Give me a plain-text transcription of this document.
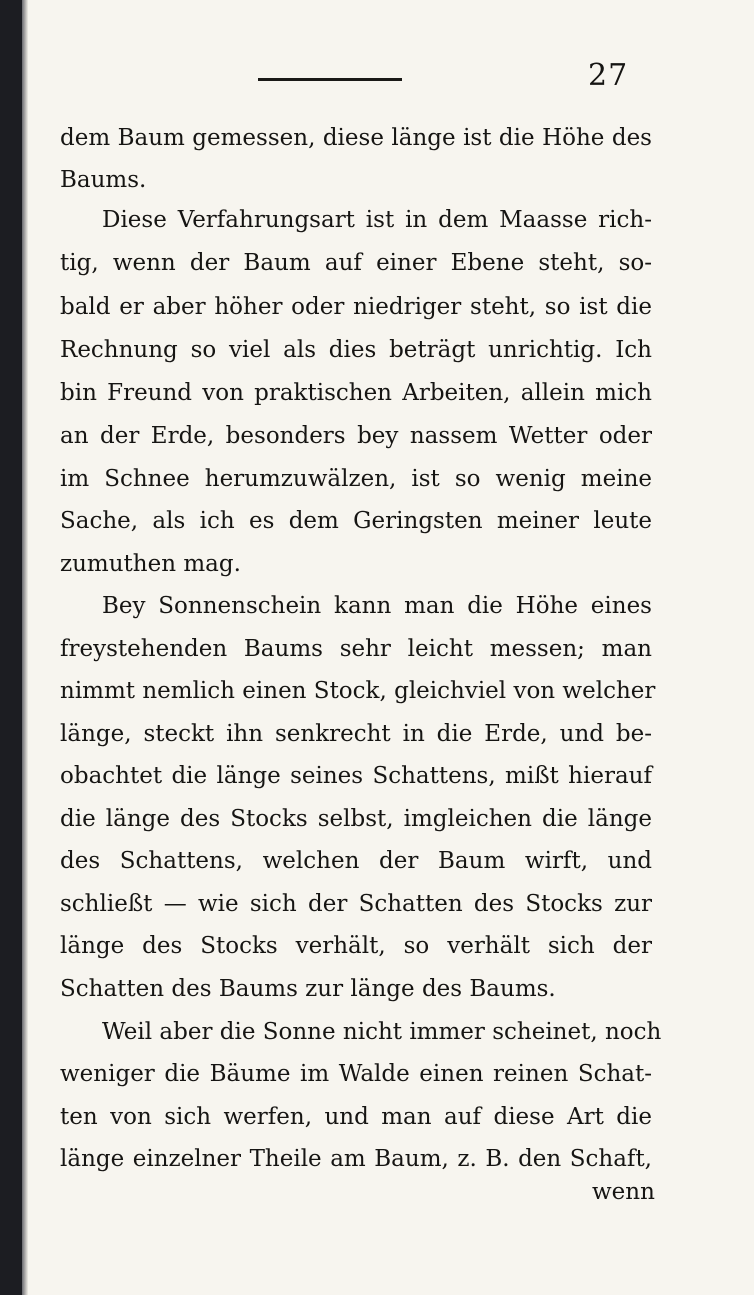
27
dem Baum gemessen, diese länge ist die Höhe des
Baums.
Diese Verfahrungsart ist in dem Maasse rich-
tig, wenn der Baum auf einer Ebene steht, so-
bald er aber höher oder niedriger steht, so ist die
Rechnung so viel als dies beträgt unrichtig. Ich
bin Freund von praktischen Arbeiten, allein mich
an der Erde, besonders bey nassem Wetter oder
im Schnee herumzuwälzen, ist so wenig meine
Sache, als ich es dem Geringsten meiner leute
zumuthen mag.
Bey Sonnenschein kann man die Höhe eines
freystehenden Baums sehr leicht messen; man
nimmt nemlich einen Stock, gleichviel von welcher
länge, steckt ihn senkrecht in die Erde, und be-
obachtet die länge seines Schattens, mißt hierauf
die länge des Stocks selbst, imgleichen die länge
des Schattens, welchen der Baum wirft, und
schließt — wie sich der Schatten des Stocks zur
länge des Stocks verhält, so verhält sich der
Schatten des Baums zur länge des Baums.
Weil aber die Sonne nicht immer scheinet, noch
weniger die Bäume im Walde einen reinen Schat-
ten von sich werfen, und man auf diese Art die
länge einzelner Theile am Baum, z. B. den Schaft,
wenn
